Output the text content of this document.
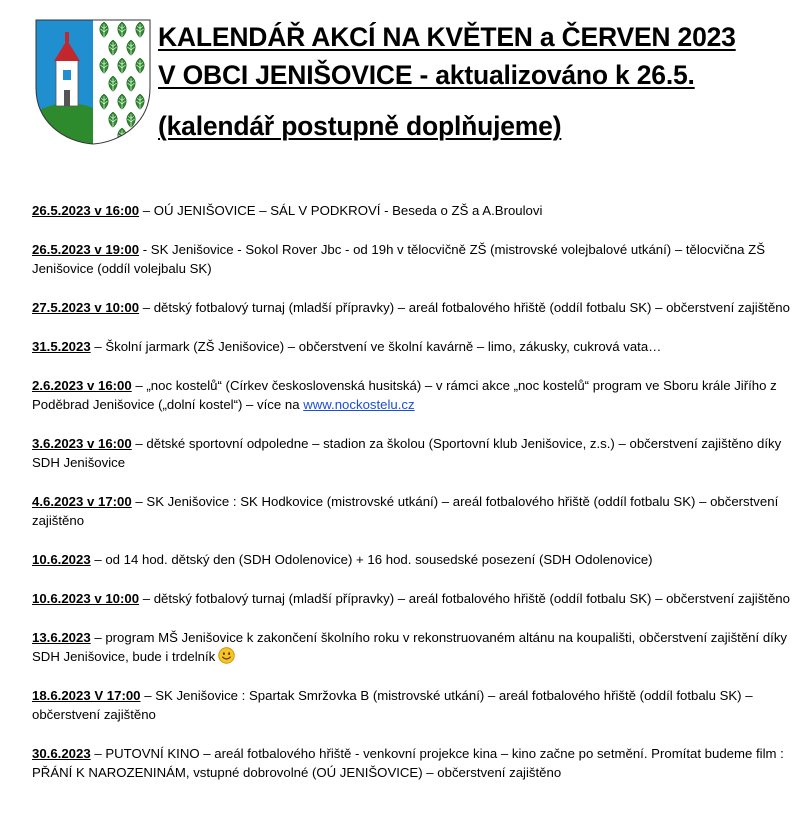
KALENDÁŘ AKCÍ NA KVĚTEN a ČERVEN 2023
V OBCI JENIŠOVICE - aktualizováno k 26.5.
(kalendář postupně doplňujeme)

26.5.2023 v 16:00 – OÚ JENIŠOVICE – SÁL V PODKROVÍ - Beseda o ZŠ a A.Broulovi

26.5.2023 v 19:00 - SK Jenišovice - Sokol Rover Jbc - od 19h v tělocvičně ZŠ (mistrovské volejbalové utkání) – tělocvična ZŠ Jenišovice (oddíl volejbalu SK)

27.5.2023 v 10:00 – dětský fotbalový turnaj (mladší přípravky) – areál fotbalového hřiště (oddíl fotbalu SK) – občerstvení zajištěno

31.5.2023 – Školní jarmark (ZŠ Jenišovice) – občerstvení ve školní kavárně – limo, zákusky, cukrová vata…

2.6.2023 v 16:00 – „noc kostelů“ (Církev československá husitská) – v rámci akce „noc kostelů“ program ve Sboru krále Jiřího z Poděbrad Jenišovice („dolní kostel“) – více na www.nockostelu.cz

3.6.2023 v 16:00 – dětské sportovní odpoledne – stadion za školou (Sportovní klub Jenišovice, z.s.) – občerstvení zajištěno díky SDH Jenišovice

4.6.2023 v 17:00 – SK Jenišovice : SK Hodkovice (mistrovské utkání) – areál fotbalového hřiště (oddíl fotbalu SK) – občerstvení zajištěno

10.6.2023 – od 14 hod. dětský den (SDH Odolenovice) + 16 hod. sousedské posezení (SDH Odolenovice)

10.6.2023 v 10:00 – dětský fotbalový turnaj (mladší přípravky) – areál fotbalového hřiště (oddíl fotbalu SK) – občerstvení zajištěno

13.6.2023 – program MŠ Jenišovice k zakončení školního roku v rekonstruovaném altánu na koupališti, občerstvení zajištění díky SDH Jenišovice, bude i trdelník

18.6.2023 V 17:00 – SK Jenišovice : Spartak Smržovka B (mistrovské utkání) – areál fotbalového hřiště (oddíl fotbalu SK) – občerstvení zajištěno

30.6.2023 – PUTOVNÍ KINO – areál fotbalového hřiště - venkovní projekce kina – kino začne po setmění. Promítat budeme film : PŘÁNÍ K NAROZENINÁM, vstupné dobrovolné (OÚ JENIŠOVICE) – občerstvení zajištěno
